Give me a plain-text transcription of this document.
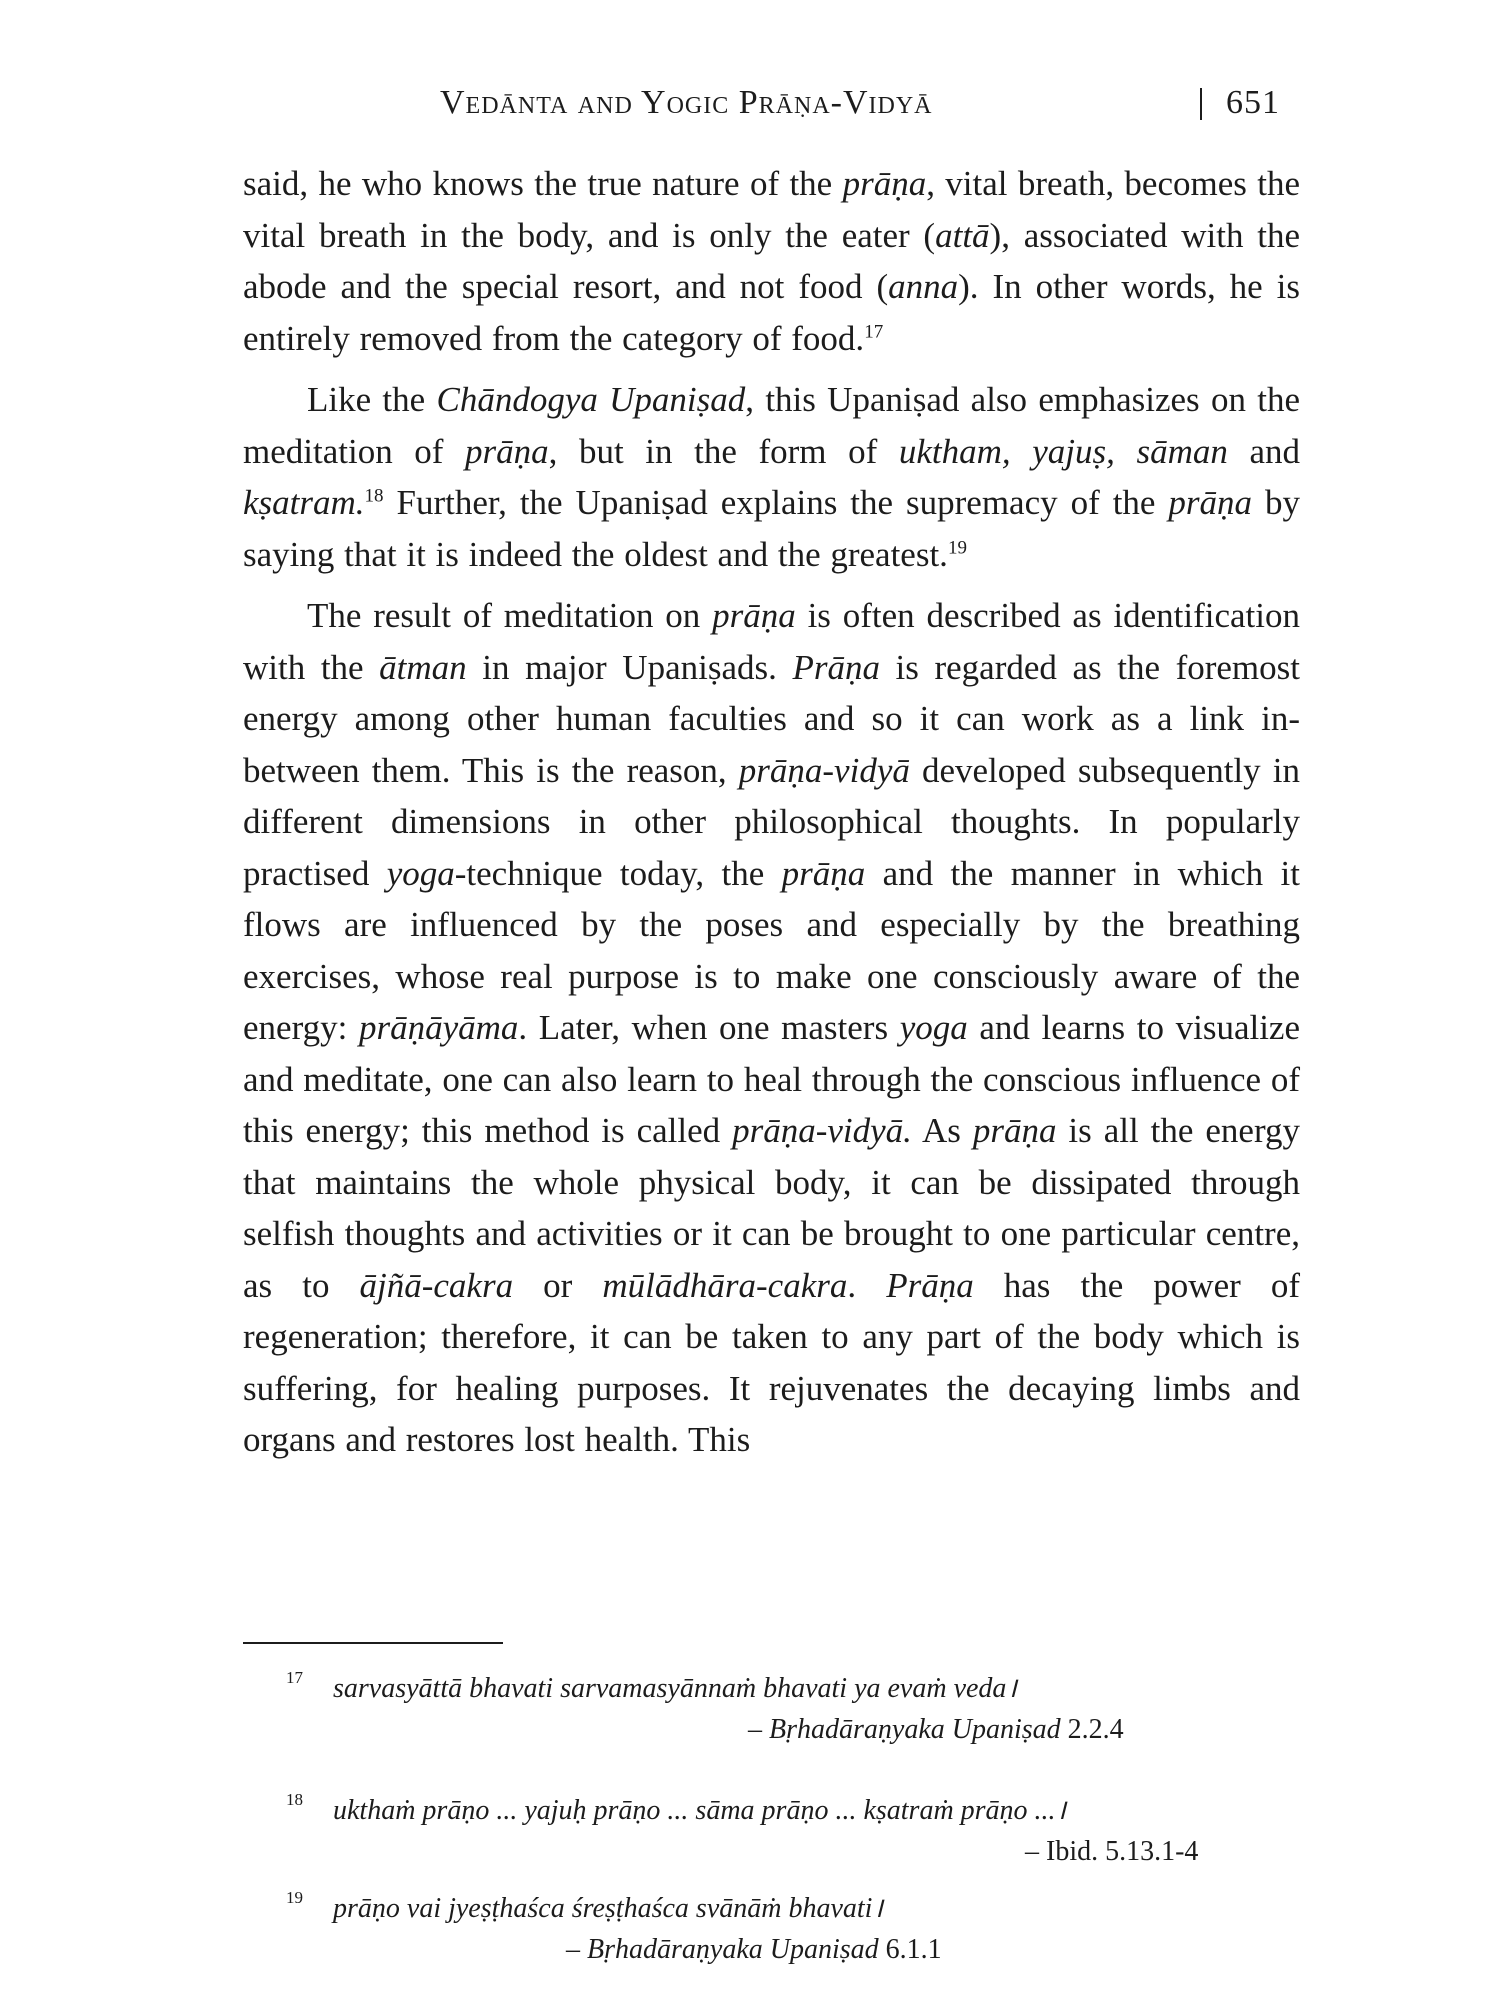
Vedānta and Yogic Prāṇa-Vidyā	651

said, he who knows the true nature of the prāṇa, vital breath, becomes the vital breath in the body, and is only the eater (attā), associated with the abode and the special resort, and not food (anna). In other words, he is entirely removed from the category of food.$^{17}$

Like the Chāndogya Upaniṣad, this Upaniṣad also emphasizes on the meditation of prāṇa, but in the form of uktham, yajuṣ, sāman and kṣatram.$^{18}$ Further, the Upaniṣad explains the supremacy of the prāṇa by saying that it is indeed the oldest and the greatest.$^{19}$

The result of meditation on prāṇa is often described as identification with the ātman in major Upaniṣads. Prāṇa is regarded as the foremost energy among other human faculties and so it can work as a link in-between them. This is the reason, prāṇa-vidyā developed subsequently in different dimensions in other philosophical thoughts. In popularly practised yoga-technique today, the prāṇa and the manner in which it flows are influenced by the poses and especially by the breathing exercises, whose real purpose is to make one consciously aware of the energy: prāṇāyāma. Later, when one masters yoga and learns to visualize and meditate, one can also learn to heal through the conscious influence of this energy; this method is called prāṇa-vidyā. As prāṇa is all the energy that maintains the whole physical body, it can be dissipated through selfish thoughts and activities or it can be brought to one particular centre, as to ājñā-cakra or mūlādhāra-cakra. Prāṇa has the power of regeneration; therefore, it can be taken to any part of the body which is suffering, for healing purposes. It rejuvenates the decaying limbs and organs and restores lost health. This

17 sarvasyāttā bhavati sarvamasyānnaṁ bhavati ya evaṁ veda।
– Bṛhadāraṇyaka Upaniṣad 2.2.4
18 ukthaṁ prāṇo ... yajuḥ prāṇo ... sāma prāṇo ... kṣatraṁ prāṇo ...।
– Ibid. 5.13.1-4
19 prāṇo vai jyeṣṭhaśca śreṣṭhaśca svānāṁ bhavati।
– Bṛhadāraṇyaka Upaniṣad 6.1.1
